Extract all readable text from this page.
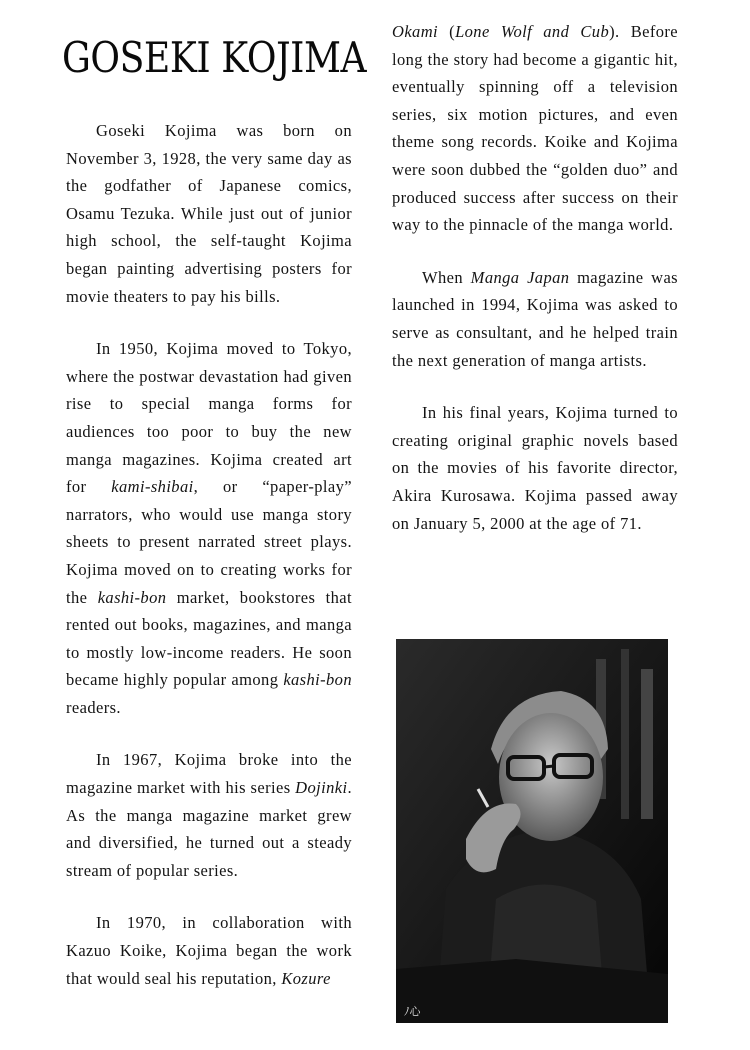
GOSEKI KOJIMA

Goseki Kojima was born on November 3, 1928, the very same day as the godfather of Japanese comics, Osamu Tezuka. While just out of junior high school, the self-taught Kojima began painting advertising posters for movie theaters to pay his bills.

In 1950, Kojima moved to Tokyo, where the postwar devastation had given rise to special manga forms for audiences too poor to buy the new manga magazines. Kojima created art for kami-shibai, or “paper-play” narrators, who would use manga story sheets to present narrated street plays. Kojima moved on to creating works for the kashi-bon market, bookstores that rented out books, magazines, and manga to mostly low-income readers. He soon became highly popular among kashi-bon readers.

In 1967, Kojima broke into the magazine market with his series Dojinki. As the manga magazine market grew and diversified, he turned out a steady stream of popular series.

In 1970, in collaboration with Kazuo Koike, Kojima began the work that would seal his reputation, Kozure

Okami (Lone Wolf and Cub). Before long the story had become a gigantic hit, eventually spinning off a television series, six motion pictures, and even theme song records. Koike and Kojima were soon dubbed the “golden duo” and produced success after success on their way to the pinnacle of the manga world.

When Manga Japan magazine was launched in 1994, Kojima was asked to serve as consultant, and he helped train the next generation of manga artists.

In his final years, Kojima turned to creating original graphic novels based on the movies of his favorite director, Akira Kurosawa. Kojima passed away on January 5, 2000 at the age of 71.

ﾉ心
